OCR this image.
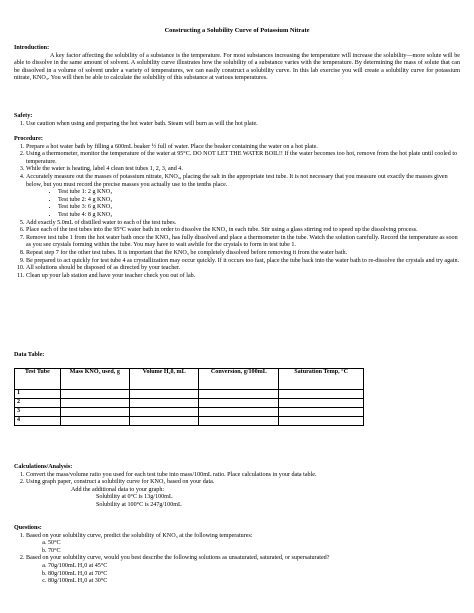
Constructing a Solubility Curve of Potassium Nitrate
Introduction:
A key factor affecting the solubility of a substance is the temperature. For most substances increasing the temperature will increase the solubility—more solute will be able to dissolve in the same amount of solvent. A solubility curve illustrates how the solubility of a substance varies with the temperature. By determining the mass of solute that can be dissolved in a volume of solvent under a variety of temperatures, we can easily construct a solubility curve. In this lab exercise you will create a solubility curve for potassium nitrate, KNO₃. You will then be able to calculate the solubility of this substance at various temperatures.
Safety:
1. Use caution when using and preparing the hot water bath. Steam will burn as will the hot plate.
Procedure:
1. Prepare a hot water bath by filling a 600mL beaker ½ full of water. Place the beaker containing the water on a hot plate.
2. Using a thermometer, monitor the temperature of the water at 95°C. DO NOT LET THE WATER BOIL!! If the water becomes too hot, remove from the hot plate until cooled to temperature.
3. While the water is heating, label 4 clean test tubes 1, 2, 3, and 4.
4. Accurately measure out the masses of potassium nitrate, KNO₃, placing the salt in the appropriate test tube. It is not necessary that you measure out exactly the masses given below, but you must record the precise masses you actually use to the tenths place.
• Test tube 1: 2 g KNO₃
• Test tube 2: 4 g KNO₃
• Test tube 3: 6 g KNO₃
• Test tube 4: 8 g KNO₃
5. Add exactly 5.0mL of distilled water to each of the test tubes.
6. Place each of the test tubes into the 95°C water bath in order to dissolve the KNO₃ in each tube. Stir using a glass stirring rod to speed up the dissolving process.
7. Remove test tube 1 from the hot water bath once the KNO₃ has fully dissolved and place a thermometer in the tube. Watch the solution carefully. Record the temperature as soon as you see crystals forming within the tube. You may have to wait awhile for the crystals to form in test tube 1.
8. Repeat step 7 for the other test tubes. It is important that the KNO₃ be completely dissolved before removing it from the water bath.
9. Be prepared to act quickly for test tube 4 as crystallization may occur quickly. If it occurs too fast, place the tube back into the water bath to re-dissolve the crystals and try again.
10. All solutions should be disposed of as directed by your teacher.
11. Clean up your lab station and have your teacher check you out of lab.
Data Table:
Test Tube	Mass KNO₃ used, g	Volume H₂0, mL	Conversion, g/100mL	Saturation Temp, °C
1				
2				
3				
4				
Calculations/Analysis:
1. Convert the mass/volume ratio you used for each test tube into mass/100mL ratio. Place calculations in your data table.
2. Using graph paper, construct a solubility curve for KNO₃ based on your data.
Add the additional data to your graph:
Solubility at 0°C is 13g/100mL
Solubility at 100°C is 247g/100mL
Questions:
1. Based on your solubility curve, predict the solubility of KNO₃ at the following temperatures:
a. 50°C
b. 70°C
2. Based on your solubility curve, would you best describe the following solutions as unsaturated, saturated, or supersaturated?
a. 70g/100mL H₂0 at 45°C
b. 80g/100mL H₂0 at 70°C
c. 80g/100mL H₂0 at 30°C
